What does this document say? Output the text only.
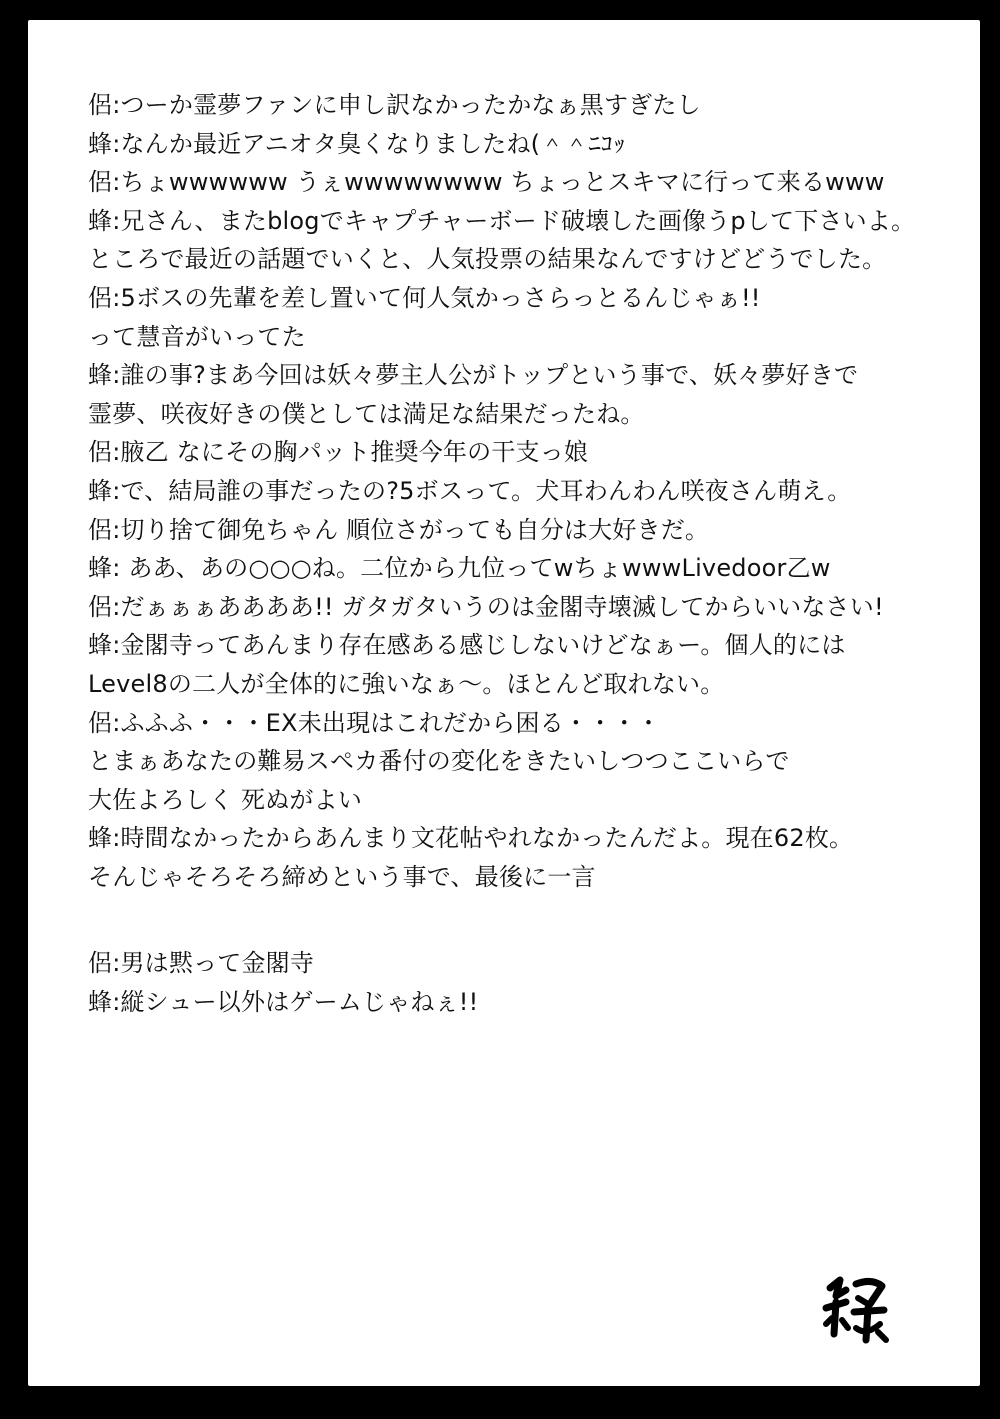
侶:つーか霊夢ファンに申し訳なかったかなぁ黒すぎたし
蜂:なんか最近アニオタ臭くなりましたね(＾＾ﾆｺｯ
侶:ちょwwwwww うぇwwwwwwww ちょっとスキマに行って来るwww
蜂:兄さん、またblogでキャプチャーボード破壊した画像うpして下さいよ。
ところで最近の話題でいくと、人気投票の結果なんですけどどうでした。
侶:5ボスの先輩を差し置いて何人気かっさらっとるんじゃぁ!!
って慧音がいってた
蜂:誰の事?まあ今回は妖々夢主人公がトップという事で、妖々夢好きで
霊夢、咲夜好きの僕としては満足な結果だったね。
侶:腋乙 なにその胸パット推奨今年の干支っ娘
蜂:で、結局誰の事だったの?5ボスって。犬耳わんわん咲夜さん萌え。
侶:切り捨て御免ちゃん 順位さがっても自分は大好きだ。
蜂: ああ、あの○○○ね。二位から九位ってwちょwwwLivedoor乙w
侶:だぁぁぁああああ!! ガタガタいうのは金閣寺壊滅してからいいなさい!
蜂:金閣寺ってあんまり存在感ある感じしないけどなぁー。個人的には
Level8の二人が全体的に強いなぁ〜。ほとんど取れない。
侶:ふふふ・・・EX未出現はこれだから困る・・・・
とまぁあなたの難易スペカ番付の変化をきたいしつつここいらで
大佐よろしく 死ぬがよい
蜂:時間なかったからあんまり文花帖やれなかったんだよ。現在62枚。
そんじゃそろそろ締めという事で、最後に一言
侶:男は黙って金閣寺
蜂:縦シュー以外はゲームじゃねぇ!!
